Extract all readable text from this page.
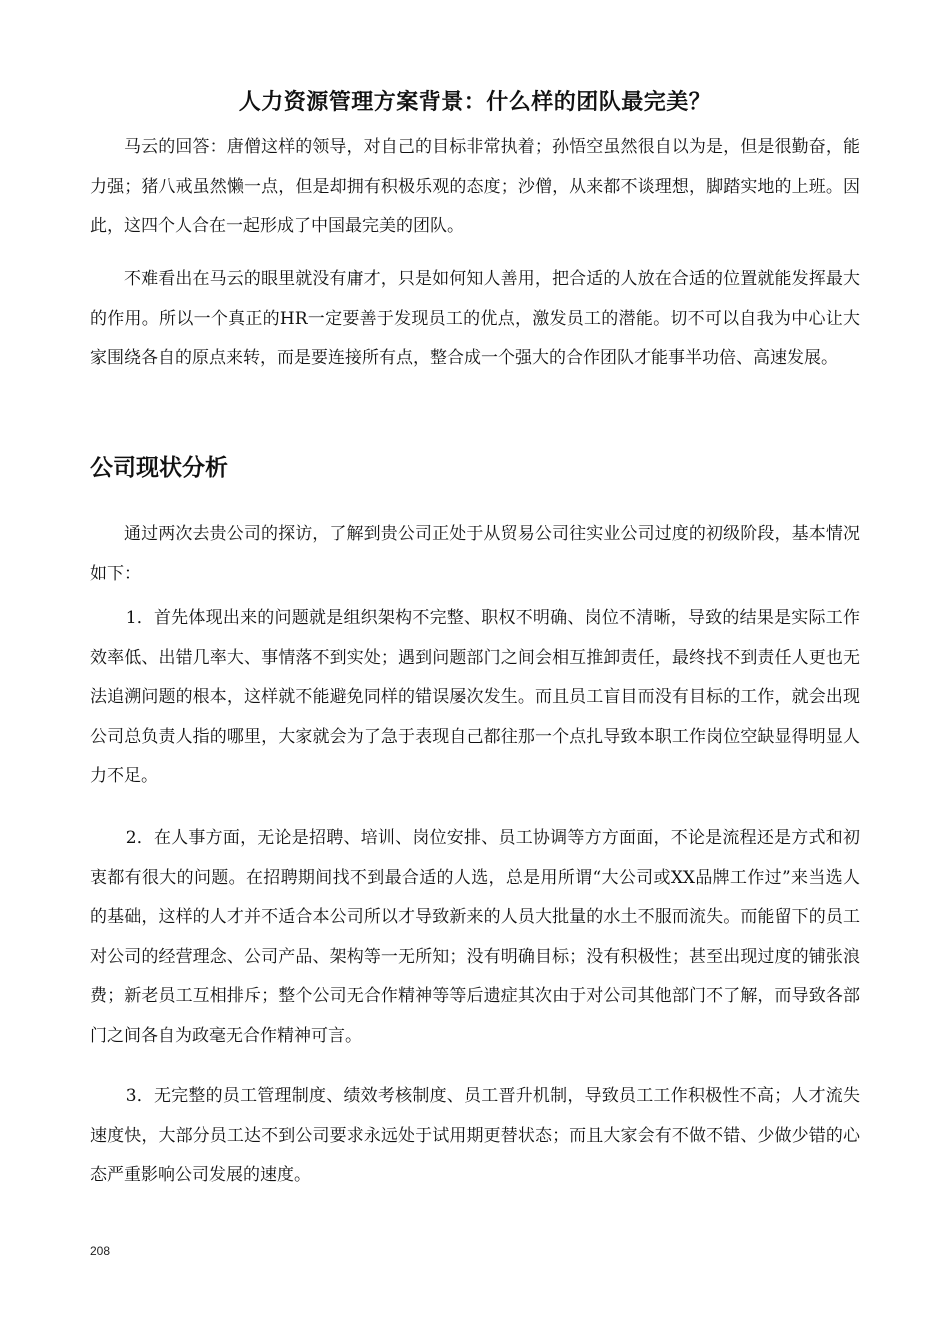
人力资源管理方案背景：什么样的团队最完美？

马云的回答：唐僧这样的领导，对自己的目标非常执着；孙悟空虽然很自以为是，但是很勤奋，能力强；猪八戒虽然懒一点，但是却拥有积极乐观的态度；沙僧，从来都不谈理想，脚踏实地的上班。因此，这四个人合在一起形成了中国最完美的团队。

不难看出在马云的眼里就没有庸才，只是如何知人善用，把合适的人放在合适的位置就能发挥最大的作用。所以一个真正的HR一定要善于发现员工的优点，激发员工的潜能。切不可以自我为中心让大家围绕各自的原点来转，而是要连接所有点，整合成一个强大的合作团队才能事半功倍、高速发展。

公司现状分析

通过两次去贵公司的探访，了解到贵公司正处于从贸易公司往实业公司过度的初级阶段，基本情况如下：

1．首先体现出来的问题就是组织架构不完整、职权不明确、岗位不清晰，导致的结果是实际工作效率低、出错几率大、事情落不到实处；遇到问题部门之间会相互推卸责任，最终找不到责任人更也无法追溯问题的根本，这样就不能避免同样的错误屡次发生。而且员工盲目而没有目标的工作，就会出现公司总负责人指的哪里，大家就会为了急于表现自己都往那一个点扎导致本职工作岗位空缺显得明显人力不足。

2．在人事方面，无论是招聘、培训、岗位安排、员工协调等方方面面，不论是流程还是方式和初衷都有很大的问题。在招聘期间找不到最合适的人选，总是用所谓“大公司或XX品牌工作过”来当选人的基础，这样的人才并不适合本公司所以才导致新来的人员大批量的水土不服而流失。而能留下的员工对公司的经营理念、公司产品、架构等一无所知；没有明确目标；没有积极性；甚至出现过度的铺张浪费；新老员工互相排斥；整个公司无合作精神等等后遗症其次由于对公司其他部门不了解，而导致各部门之间各自为政毫无合作精神可言。

3．无完整的员工管理制度、绩效考核制度、员工晋升机制，导致员工工作积极性不高；人才流失速度快，大部分员工达不到公司要求永远处于试用期更替状态；而且大家会有不做不错、少做少错的心态严重影响公司发展的速度。

208
